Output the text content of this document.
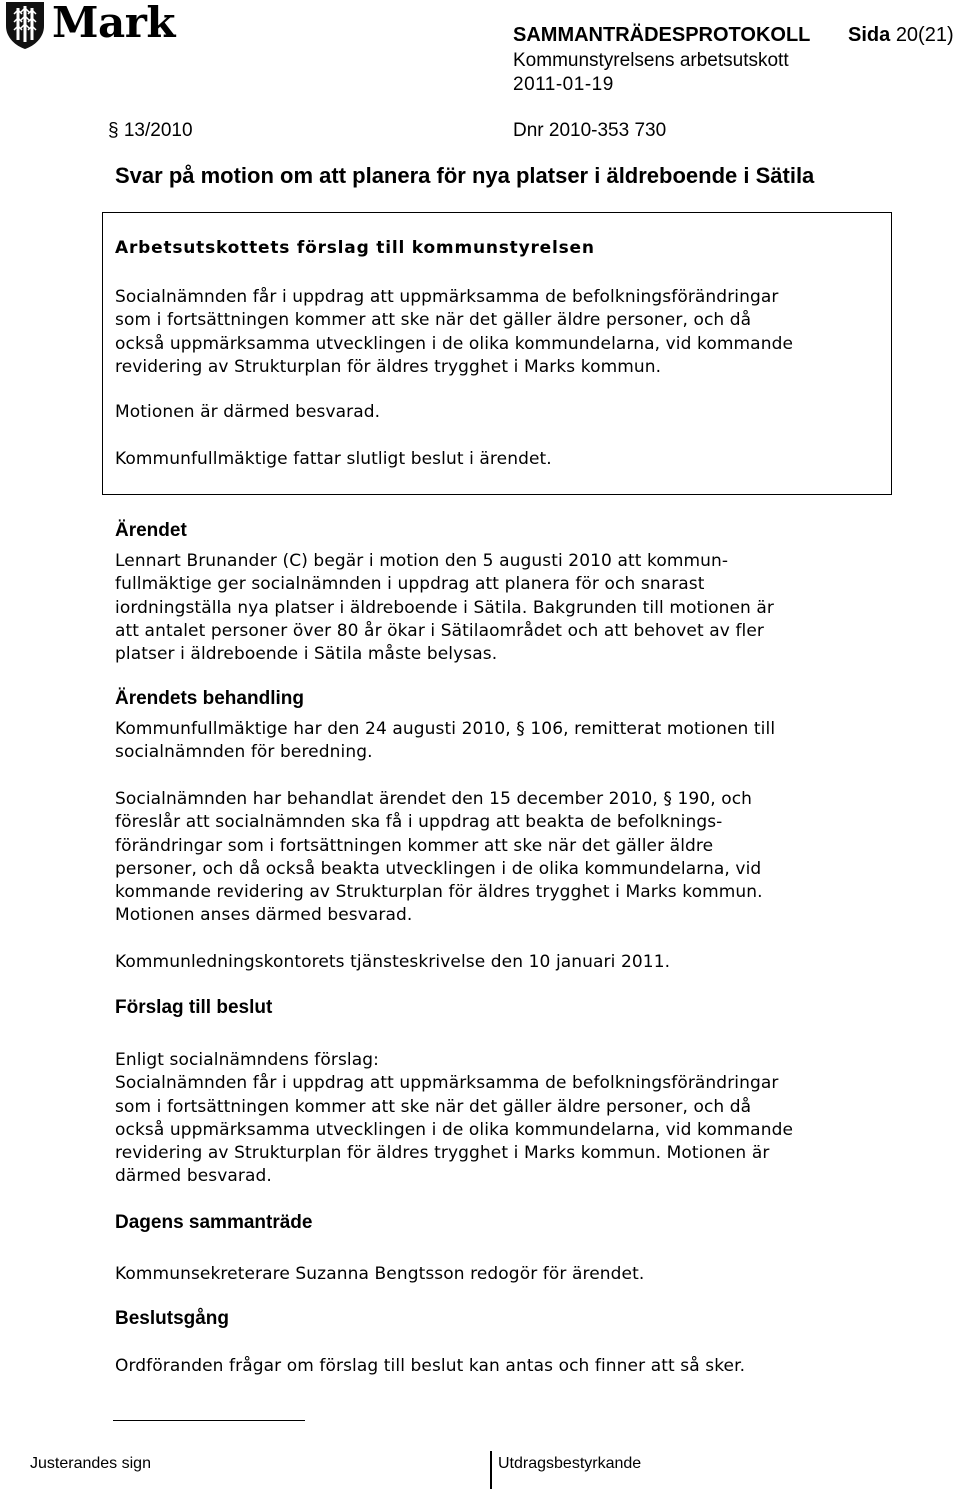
Mark	SAMMANTRÄDESPROTOKOLL Sida 20(21)
Kommunstyrelsens arbetsutskott
2011-01-19
§ 13/2010	Dnr 2010-353 730
Svar på motion om att planera för nya platser i äldreboende i Sätila
Arbetsutskottets förslag till kommunstyrelsen
Socialnämnden får i uppdrag att uppmärksamma de befolkningsförändringar
som i fortsättningen kommer att ske när det gäller äldre personer, och då
också uppmärksamma utvecklingen i de olika kommundelarna, vid kommande
revidering av Strukturplan för äldres trygghet i Marks kommun.
Motionen är därmed besvarad.
Kommunfullmäktige fattar slutligt beslut i ärendet.
Ärendet
Lennart Brunander (C) begär i motion den 5 augusti 2010 att kommun-
fullmäktige ger socialnämnden i uppdrag att planera för och snarast
iordningställa nya platser i äldreboende i Sätila. Bakgrunden till motionen är
att antalet personer över 80 år ökar i Sätilaområdet och att behovet av fler
platser i äldreboende i Sätila måste belysas.
Ärendets behandling
Kommunfullmäktige har den 24 augusti 2010, § 106, remitterat motionen till
socialnämnden för beredning.
Socialnämnden har behandlat ärendet den 15 december 2010, § 190, och
föreslår att socialnämnden ska få i uppdrag att beakta de befolknings-
förändringar som i fortsättningen kommer att ske när det gäller äldre
personer, och då också beakta utvecklingen i de olika kommundelarna, vid
kommande revidering av Strukturplan för äldres trygghet i Marks kommun.
Motionen anses därmed besvarad.
Kommunledningskontorets tjänsteskrivelse den 10 januari 2011.
Förslag till beslut
Enligt socialnämndens förslag:
Socialnämnden får i uppdrag att uppmärksamma de befolkningsförändringar
som i fortsättningen kommer att ske när det gäller äldre personer, och då
också uppmärksamma utvecklingen i de olika kommundelarna, vid kommande
revidering av Strukturplan för äldres trygghet i Marks kommun. Motionen är
därmed besvarad.
Dagens sammanträde
Kommunsekreterare Suzanna Bengtsson redogör för ärendet.
Beslutsgång
Ordföranden frågar om förslag till beslut kan antas och finner att så sker.
Justerandes sign	Utdragsbestyrkande
